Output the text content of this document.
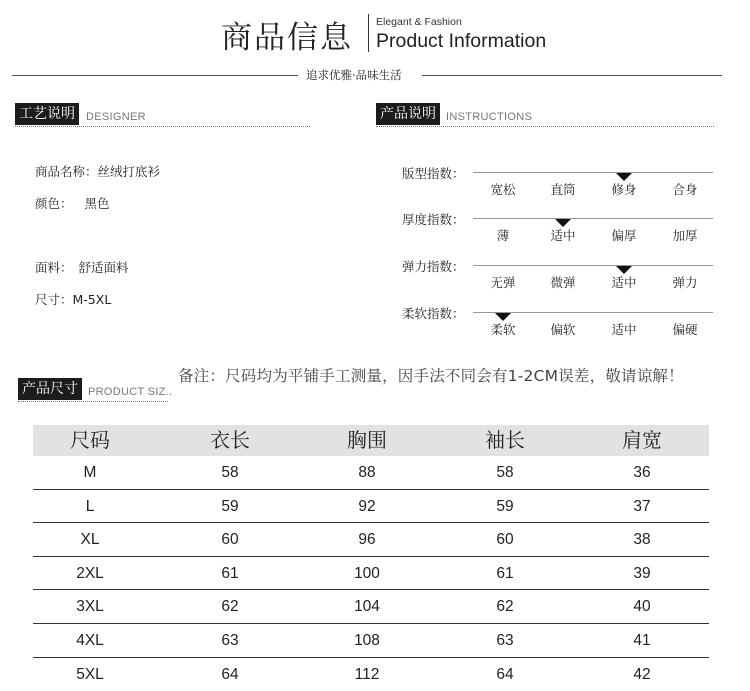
商品信息 Elegant & Fashion
Product Information
追求优雅·品味生活
工艺说明	DESIGNER
商品名称：丝绒打底衫
颜色： 黑色
面料： 舒适面料
尺寸：M-5XL
产品说明 INSTRUCTIONS
版型指数：
宽松	直筒	修身	合身
厚度指数：
薄	适中	偏厚	加厚
弹力指数：
无弹	微弹	适中	弹力
柔软指数：
柔软	偏软	适中	偏硬
备注：尺码均为平铺手工测量，因手法不同会有1-2CM误差，敬请谅解！
产品尺寸 PRODUCT SIZ..
尺码	衣长	胸围	袖长	肩宽
M	58	88	58	36
L	59	92	59	37
XL	60	96	60	38
2XL	61	100	61	39
3XL	62	104	62	40
4XL	63	108	63	41
5XL	64	112	64	42
